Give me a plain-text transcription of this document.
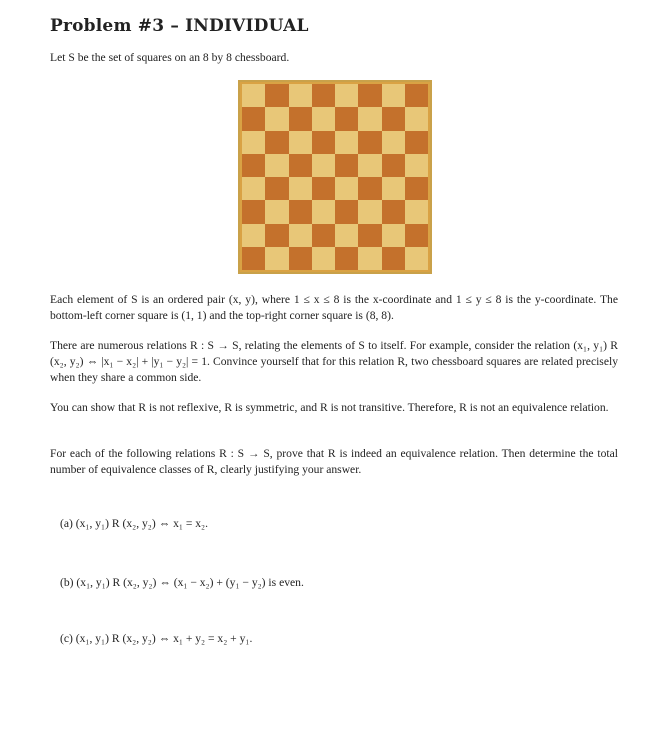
Problem #3 – INDIVIDUAL
Let S be the set of squares on an 8 by 8 chessboard.
Each element of S is an ordered pair (x, y), where 1 ≤ x ≤ 8 is the x-coordinate and 1 ≤ y ≤ 8 is the y-coordinate. The bottom-left corner square is (1, 1) and the top-right corner square is (8, 8).
There are numerous relations R : S → S, relating the elements of S to itself. For example, consider the relation (x₁, y₁) R (x₂, y₂) ⇔ |x₁ − x₂| + |y₁ − y₂| = 1. Convince yourself that for this relation R, two chessboard squares are related precisely when they share a common side.
You can show that R is not reflexive, R is symmetric, and R is not transitive. Therefore, R is not an equivalence relation.
For each of the following relations R : S → S, prove that R is indeed an equivalence relation. Then determine the total number of equivalence classes of R, clearly justifying your answer.
(a) (x₁, y₁) R (x₂, y₂) ⇔ x₁ = x₂.
(b) (x₁, y₁) R (x₂, y₂) ⇔ (x₁ − x₂) + (y₁ − y₂) is even.
(c) (x₁, y₁) R (x₂, y₂) ⇔ x₁ + y₂ = x₂ + y₁.
